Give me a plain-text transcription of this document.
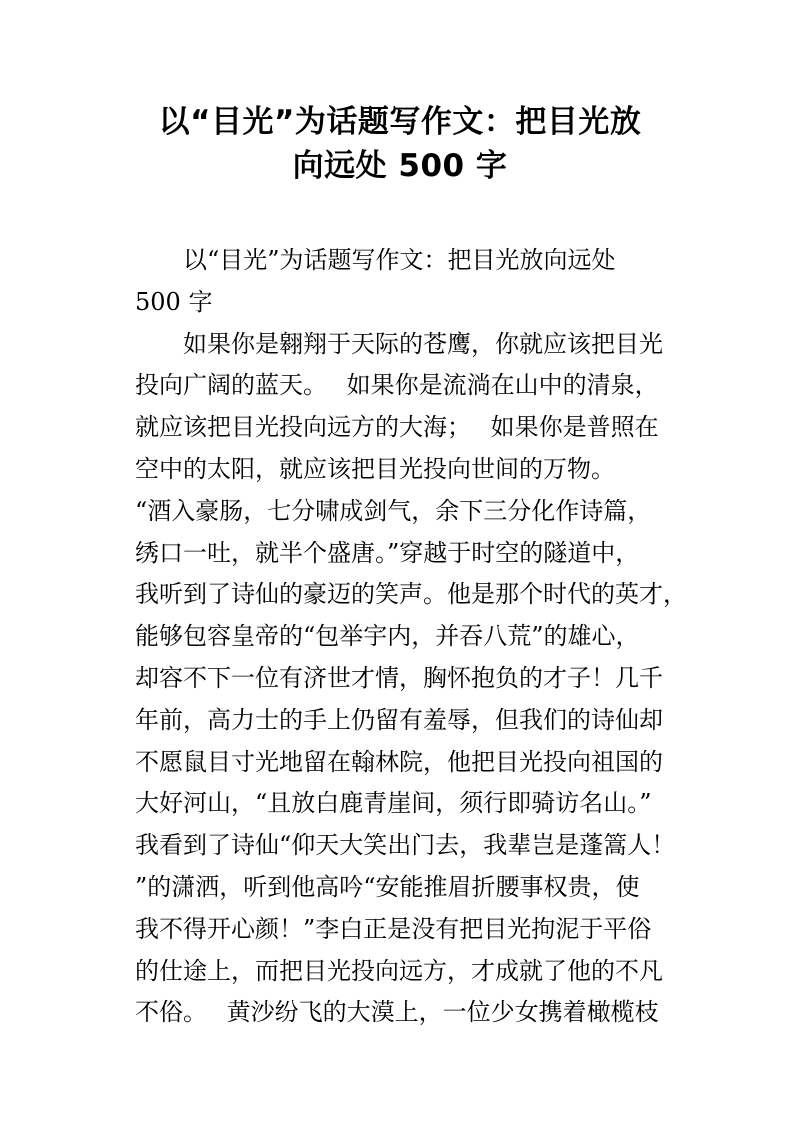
以“目光”为话题写作文：把目光放
向远处 500 字
　　以“目光”为话题写作文：把目光放向远处
500 字
　　如果你是翱翔于天际的苍鹰，你就应该把目光
投向广阔的蓝天。　 如果你是流淌在山中的清泉，
就应该把目光投向远方的大海；　 如果你是普照在
空中的太阳，就应该把目光投向世间的万物。
“酒入豪肠，七分啸成剑气，余下三分化作诗篇，
绣口一吐，就半个盛唐。”穿越于时空的隧道中，
我听到了诗仙的豪迈的笑声。他是那个时代的英才，
能够包容皇帝的“包举宇内，并吞八荒”的雄心，
却容不下一位有济世才情，胸怀抱负的才子！几千
年前，高力士的手上仍留有羞辱，但我们的诗仙却
不愿鼠目寸光地留在翰林院，他把目光投向祖国的
大好河山，“且放白鹿青崖间，须行即骑访名山。”
我看到了诗仙“仰天大笑出门去，我辈岂是蓬篙人！
”的潇洒，听到他高吟“安能推眉折腰事权贵，使
我不得开心颜！”李白正是没有把目光拘泥于平俗
的仕途上，而把目光投向远方，才成就了他的不凡
不俗。　 黄沙纷飞的大漠上，一位少女携着橄榄枝
